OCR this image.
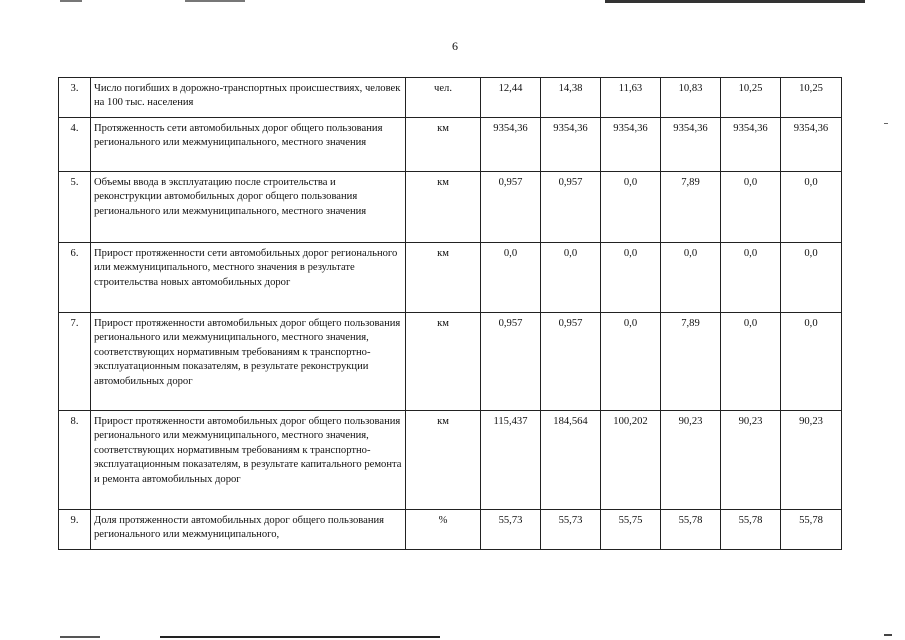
6
3.	Число погибших в дорожно-транспортных происшествиях, человек на 100 тыс. населения	чел.	12,44	14,38	11,63	10,83	10,25	10,25
4.	Протяженность сети автомобильных дорог общего пользования регионального или межмуниципального, местного значения	км	9354,36	9354,36	9354,36	9354,36	9354,36	9354,36
5.	Объемы ввода в эксплуатацию после строительства и реконструкции автомобильных дорог общего пользования регионального или межмуниципального, местного значения	км	0,957	0,957	0,0	7,89	0,0	0,0
6.	Прирост протяженности сети автомобильных дорог регионального или межмуниципального, местного значения в результате строительства новых автомобильных дорог	км	0,0	0,0	0,0	0,0	0,0	0,0
7.	Прирост протяженности автомобильных дорог общего пользования регионального или межмуниципального, местного значения, соответствующих нормативным требованиям к транспортно-эксплуатационным показателям, в результате реконструкции автомобильных дорог	км	0,957	0,957	0,0	7,89	0,0	0,0
8.	Прирост протяженности автомобильных дорог общего пользования регионального или межмуниципального, местного значения, соответствующих нормативным требованиям к транспортно-эксплуатационным показателям, в результате капитального ремонта и ремонта автомобильных дорог	км	115,437	184,564	100,202	90,23	90,23	90,23
9.	Доля протяженности автомобильных дорог общего пользования регионального или межмуниципального,	%	55,73	55,73	55,75	55,78	55,78	55,78
